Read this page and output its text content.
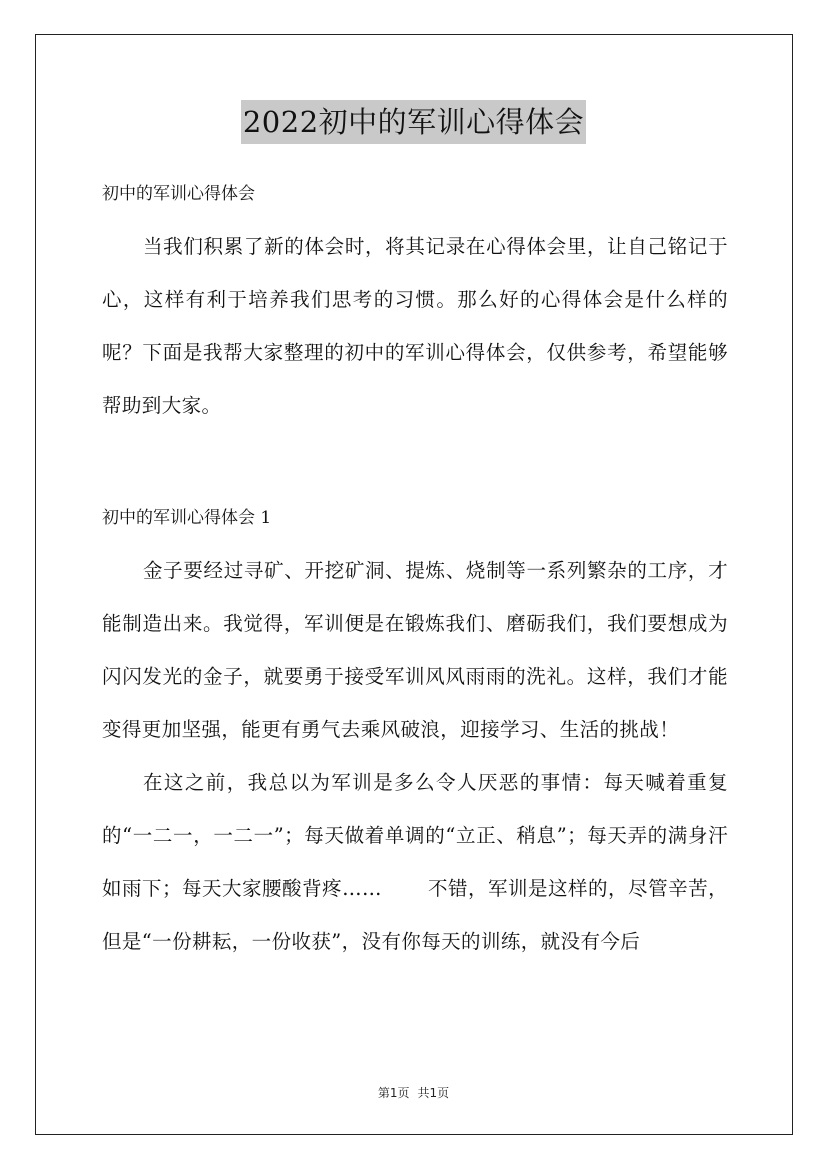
2022初中的军训心得体会

初中的军训心得体会

当我们积累了新的体会时，将其记录在心得体会里，让自己铭记于心，这样有利于培养我们思考的习惯。那么好的心得体会是什么样的呢？下面是我帮大家整理的初中的军训心得体会，仅供参考，希望能够帮助到大家。

初中的军训心得体会 1

金子要经过寻矿、开挖矿洞、提炼、烧制等一系列繁杂的工序，才能制造出来。我觉得，军训便是在锻炼我们、磨砺我们，我们要想成为闪闪发光的金子，就要勇于接受军训风风雨雨的洗礼。这样，我们才能变得更加坚强，能更有勇气去乘风破浪，迎接学习、生活的挑战！

在这之前，我总以为军训是多么令人厌恶的事情：每天喊着重复的“一二一，一二一”；每天做着单调的“立正、稍息”；每天弄的满身汗如雨下；每天大家腰酸背疼…… 不错，军训是这样的，尽管辛苦，但是“一份耕耘，一份收获”，没有你每天的训练，就没有今后

第1页 共1页
